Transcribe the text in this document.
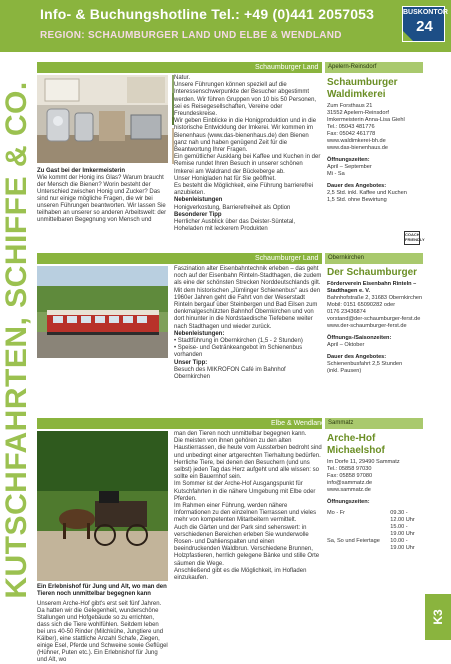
Info- & Buchungshotline Tel.: +49 (0)441 2057053
REGION: SCHAUMBURGER LAND UND ELBE & WENDLAND
BUSKONTOR
24
KUTSCHFAHRTEN, SCHIFFE & CO.
K3
Schaumburger Land Apelern-Reinsdorf
Zu Gast bei der Imkermeisterin
Wie kommt der Honig ins Glas? Warum braucht der Mensch die Bienen? Worin besteht der Unterschied zwischen Honig und Zucker? Das sind nur einige mögliche Fragen, die wir bei unseren Führungen beantworten. Wir lassen Sie teilhaben an unserer so anderen Arbeitswelt: der unmittelbaren Begegnung von Mensch und

Natur.

Unsere Führungen können speziell auf die Interessenschwerpunkte der Besucher abgestimmt werden. Wir führen Gruppen von 10 bis 50 Personen, sei es Reisegesellschaften, Vereine oder Freundeskreise.

Wir geben Einblicke in die Honigproduktion und in die historische Entwicklung der Imkerei. Wir kommen im Bienenhaus (www.das-bienenhaus.de) den Bienen ganz nah und haben genügend Zeit für die Beantwortung Ihrer Fragen.

Ein gemütlicher Ausklang bei Kaffee und Kuchen in der Remise rundet Ihren Besuch in unserer schönen Imkerei am Waldrand der Bückeberge ab.

Unser Honigladen hat für Sie geöffnet.

Es besteht die Möglichkeit, eine Führung barrierefrei anzubieten.

Nebenleistungen

Honigverkostung, Barrierefreiheit als Option

Besonderer Tipp

Herrlicher Ausblick über das Deister-Süntetal, Hoheladen mit leckerem Produkten

Schaumburger
Waldimkerei
Zum Forsthaus 21
31552 Apelern-Reinsdorf
Imkermeisterin Anna-Lisa Giehl
Tel.: 05043 481776
Fax: 05042 461778
www.waldimkerei-bh.de
www.das-bienenhaus.de
Öffnungszeiten:
April – September
Mi - Sa
Dauer des Angebotes:
2,5 Std. inkl. Kaffee und Kuchen
1,5 Std. ohne Bewirtung
COACH FRIENDLY
Schaumburger Land Obernkirchen

Faszination alter Eisenbahntechnik erleben – das geht noch auf der Eisenbahn Rinteln-Stadthagen, die zudem als eine der schönsten Strecken Norddeutschlands gilt. Mit dem historischen „Jümlinger Schienenbus“ aus den 1960er Jahren geht die Fahrt von der Weserstadt Rinteln bergauf über Steinbergen und Bad Eilsen zum denkmalgeschützten Bahnhof Obernkirchen und von dort hinunter in die Nordstaedische Tiefebene weiter nach Stadthagen und wieder zurück.

Nebenleistungen:

• Stadtführung in Obernkirchen (1,5 - 2 Stunden)

• Speise- und Getränkeangebot im Schienenbus vorhanden

Unser Tipp:

Besuch des MIKROFON Café im Bahnhof Obernkirchen

Der Schaumburger
Förderverein Eisenbahn Rinteln – Stadthagen e. V.
Bahnhofstraße 2, 31683 Obernkirchen
Mobil: 0151 65090282 oder
0176 23436874
vorstand@der-schaumburger-ferst.de
www.der-schaumburger-ferst.de
Öffnungs-/Saisonzeiten:
April – Oktober
Dauer des Angebotes:
Schienenbusfahrt 2,5 Stunden
(inkl. Pausen)
Elbe & Wendland Sammatz
Ein Erlebnishof für Jung und Alt, wo man den Tieren noch unmittelbar begegnen kann
Unserem Arche-Hof gibt's erst seit fünf Jahren. Da hatten wir die Gelegenheit, wunderschöne Stallungen und Hofgebäude so zu errichten, dass sich die Tiere wohlfühlen. Seitdem leben bei uns 40-50 Rinder (Milchkühe, Jungtiere und Kälber), eine stattliche Anzahl Schafe, Ziegen, einige Esel, Pferde und Schweine sowie Geflügel (Hühner, Puten etc.). Ein Erlebnishof für Jung und Alt, wo

man den Tieren noch unmittelbar begegnen kann.

Die meisten von ihnen gehören zu den alten Haustierrassen, die heute vom Aussterben bedroht sind und unbedingt einer artgerechten Tierhaltung bedürfen. Herrliche Tiere, bei denen den Besuchern (und uns selbst) jeden Tag das Herz aufgeht und alle wissen: so sollte ein Bauernhof sein.

Im Sommer ist der Arche-Hof Ausgangspunkt für Kutschfahrten in die nähere Umgebung mit Elbe oder Pferden.

Im Rahmen einer Führung, werden nähere Informationen zu den einzelnen Tierrassen und vieles mehr von kompetenten Mitarbeitern vermittelt.

Auch die Gärten und der Park sind sehenswert: in verschiedenen Bereichen erleben Sie wunderwolle Rosen- und Dahlienspalten und einen beeindruckenden Waldbrun. Verschiedene Brunnen, Holzpfastieren, herrlich gelegene Bänke und stille Orte säumen die Wege.

Anschließend gibt es die Möglichkeit, im Hofladen einzukaufen.

Arche-Hof
Michaelshof
Im Dorfe 11, 29490 Sammatz
Tel.: 05858 97030
Fax: 05858 97080
info@sammatz.de
www.sammatz.de
Öffnungszeiten:
Mo - Fr	09.30 - 12.00 Uhr
15.00 - 19.00 Uhr
Sa, So und Feiertage	10.00 - 19.00 Uhr
